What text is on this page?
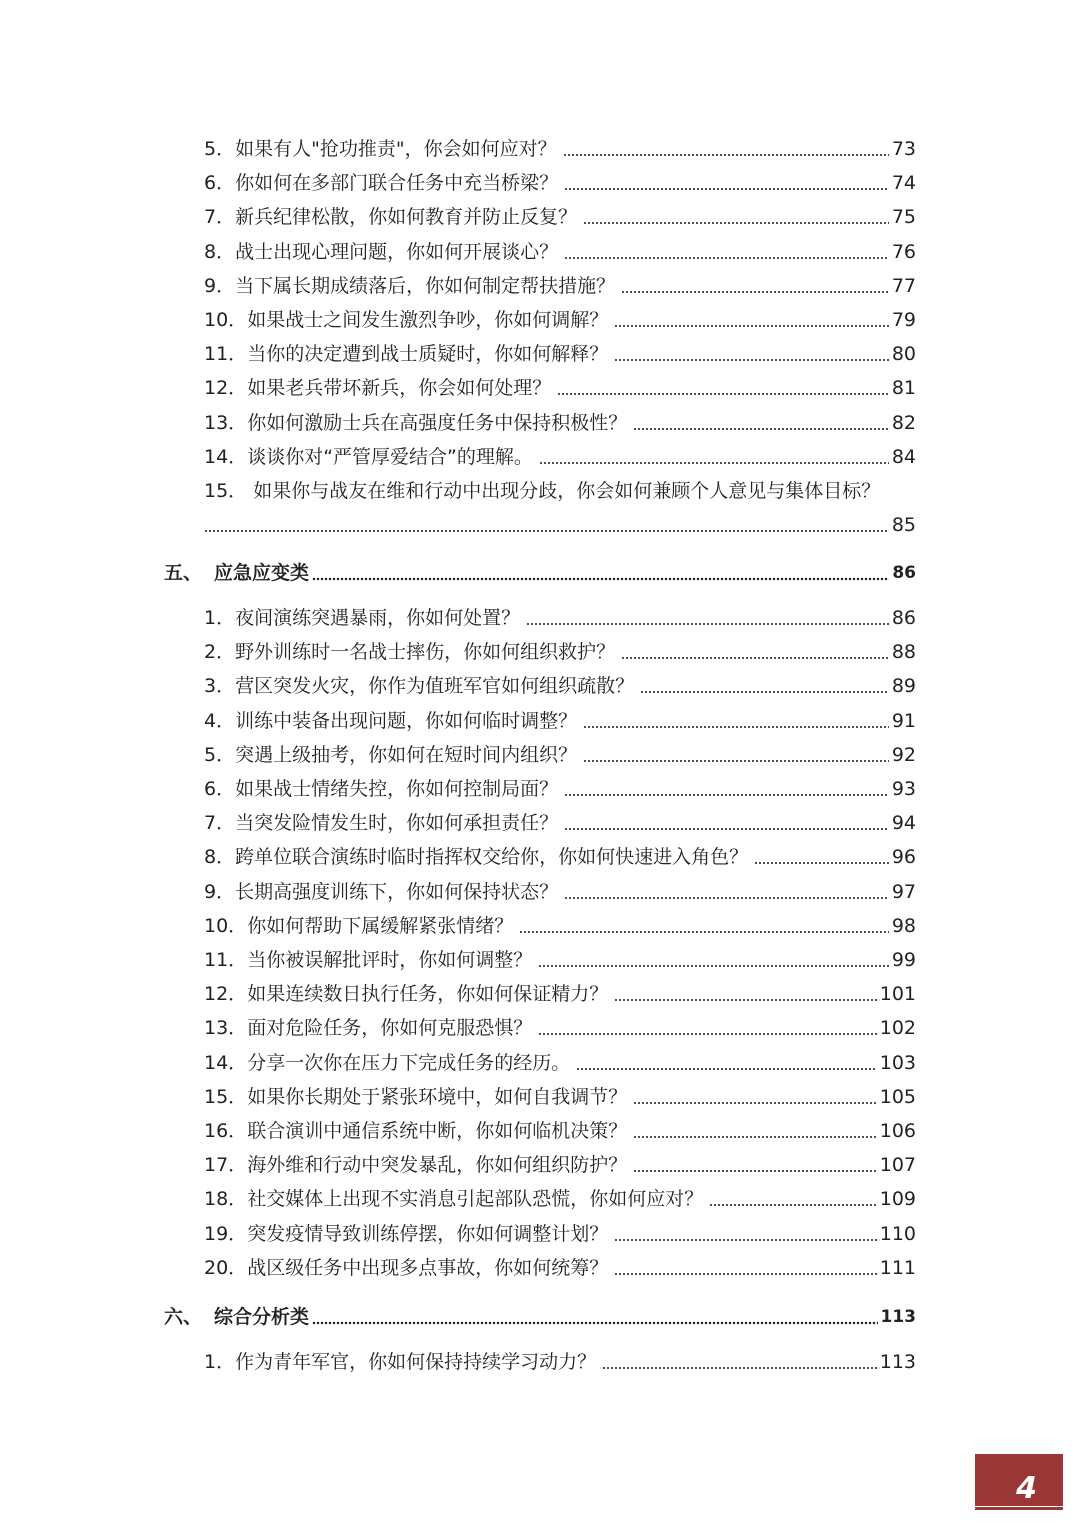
5． 如果有人"抢功推责"，你会如何应对？	73
6． 你如何在多部门联合任务中充当桥梁？	74
7． 新兵纪律松散，你如何教育并防止反复？	75
8． 战士出现心理问题，你如何开展谈心？	76
9． 当下属长期成绩落后，你如何制定帮扶措施？	77
10． 如果战士之间发生激烈争吵，你如何调解？	79
11． 当你的决定遭到战士质疑时，你如何解释？	80
12． 如果老兵带坏新兵，你会如何处理？	81
13． 你如何激励士兵在高强度任务中保持积极性？	82
14． 谈谈你对“严管厚爱结合”的理解。	84
15． 如果你与战友在维和行动中出现分歧，你会如何兼顾个人意见与集体目标？
85
五、 应急应变类	86
1． 夜间演练突遇暴雨，你如何处置？	86
2． 野外训练时一名战士摔伤，你如何组织救护？	88
3． 营区突发火灾，你作为值班军官如何组织疏散？	89
4． 训练中装备出现问题，你如何临时调整？	91
5． 突遇上级抽考，你如何在短时间内组织？	92
6． 如果战士情绪失控，你如何控制局面？	93
7． 当突发险情发生时，你如何承担责任？	94
8． 跨单位联合演练时临时指挥权交给你，你如何快速进入角色？	96
9． 长期高强度训练下，你如何保持状态？	97
10． 你如何帮助下属缓解紧张情绪？	98
11． 当你被误解批评时，你如何调整？	99
12． 如果连续数日执行任务，你如何保证精力？	101
13． 面对危险任务，你如何克服恐惧？	102
14． 分享一次你在压力下完成任务的经历。	103
15． 如果你长期处于紧张环境中，如何自我调节？	105
16． 联合演训中通信系统中断，你如何临机决策？	106
17． 海外维和行动中突发暴乱，你如何组织防护？	107
18． 社交媒体上出现不实消息引起部队恐慌，你如何应对？	109
19． 突发疫情导致训练停摆，你如何调整计划？	110
20． 战区级任务中出现多点事故，你如何统筹？	111
六、 综合分析类	113
1． 作为青年军官，你如何保持持续学习动力？	113
4
